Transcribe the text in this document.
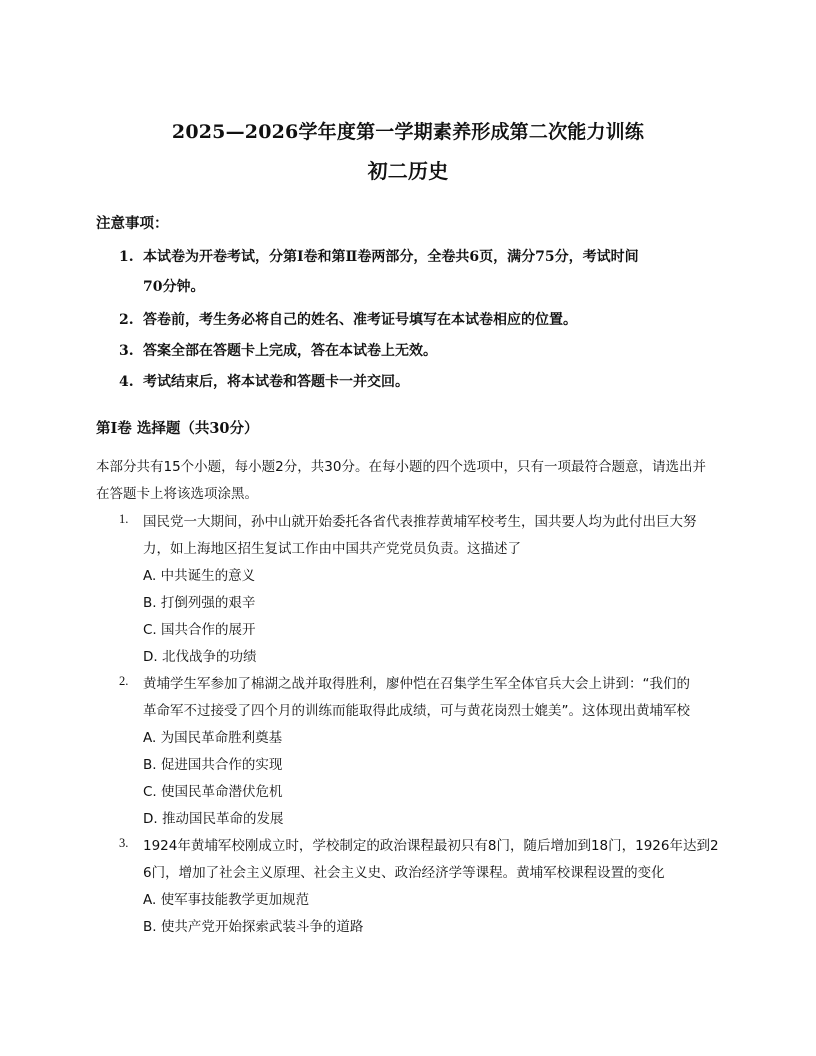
2025—2026学年度第一学期素养形成第二次能力训练
初二历史
注意事项：
1. 本试卷为开卷考试，分第Ⅰ卷和第Ⅱ卷两部分，全卷共6页，满分75分，考试时间
70分钟。
2. 答卷前，考生务必将自己的姓名、准考证号填写在本试卷相应的位置。
3. 答案全部在答题卡上完成，答在本试卷上无效。
4. 考试结束后，将本试卷和答题卡一并交回。
第Ⅰ卷 选择题（共30分）
本部分共有15个小题，每小题2分，共30分。在每小题的四个选项中，只有一项最符合题意，请选出并
在答题卡上将该选项涂黑。
1. 国民党一大期间，孙中山就开始委托各省代表推荐黄埔军校考生，国共要人均为此付出巨大努
力，如上海地区招生复试工作由中国共产党党员负责。这描述了
A. 中共诞生的意义
B. 打倒列强的艰辛
C. 国共合作的展开
D. 北伐战争的功绩
2. 黄埔学生军参加了棉湖之战并取得胜利，廖仲恺在召集学生军全体官兵大会上讲到：“我们的
革命军不过接受了四个月的训练而能取得此成绩，可与黄花岗烈士媲美”。这体现出黄埔军校
A. 为国民革命胜利奠基
B. 促进国共合作的实现
C. 使国民革命潜伏危机
D. 推动国民革命的发展
3. 1924年黄埔军校刚成立时，学校制定的政治课程最初只有8门，随后增加到18门，1926年达到2
6门，增加了社会主义原理、社会主义史、政治经济学等课程。黄埔军校课程设置的变化
A. 使军事技能教学更加规范
B. 使共产党开始探索武装斗争的道路
